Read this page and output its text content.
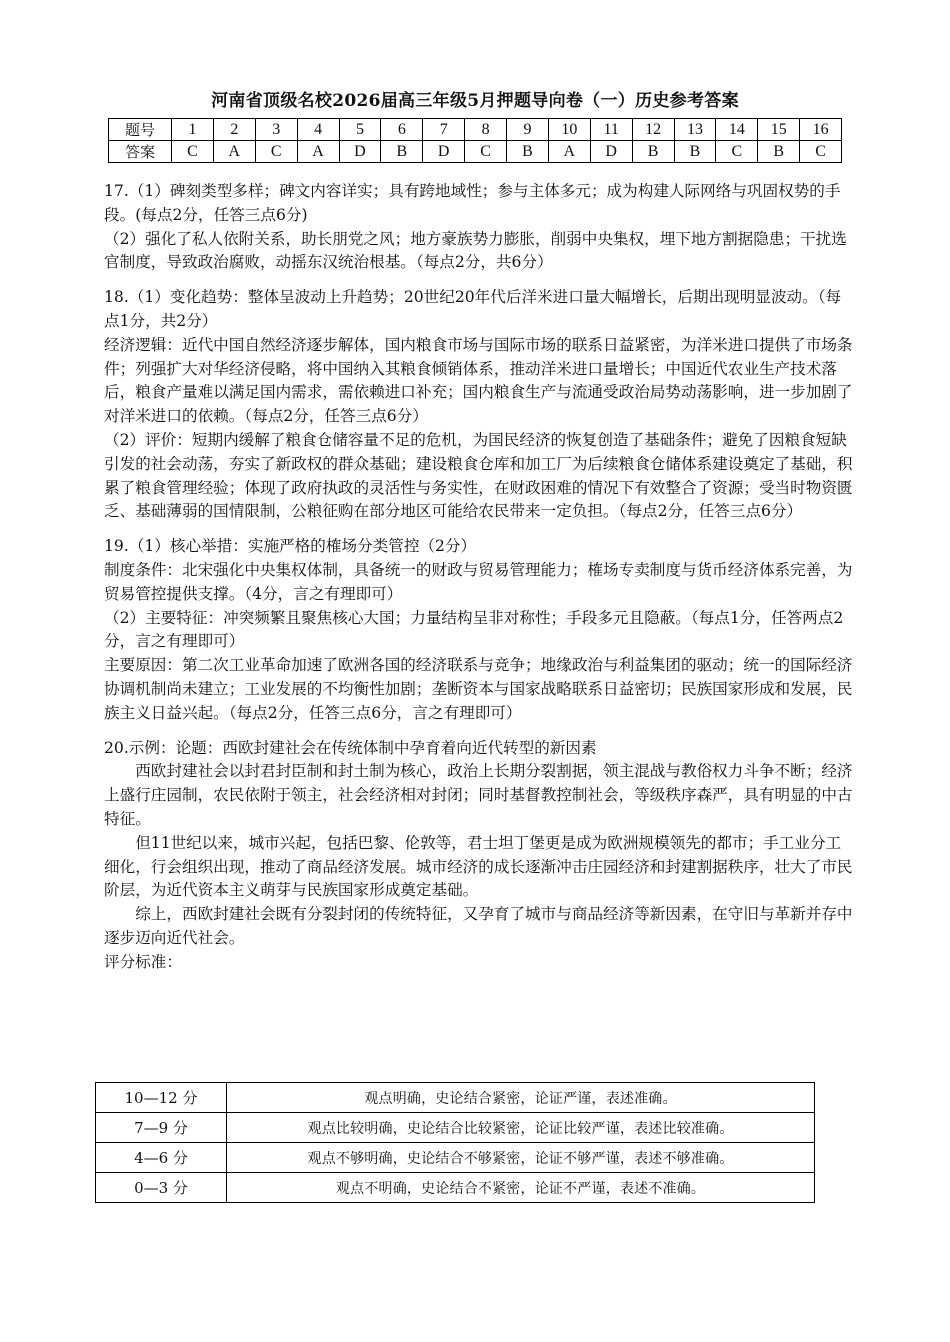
河南省顶级名校2026届高三年级5月押题导向卷（一）历史参考答案
题号	1	2	3	4	5	6	7	8	9	10	11	12	13	14	15	16
答案	C	A	C	A	D	B	D	C	B	A	D	B	B	C	B	C

17.（1）碑刻类型多样；碑文内容详实；具有跨地域性；参与主体多元；成为构建人际网络与巩固权势的手段。(每点2分，任答三点6分)

（2）强化了私人依附关系，助长朋党之风；地方豪族势力膨胀，削弱中央集权，埋下地方割据隐患；干扰选官制度，导致政治腐败，动摇东汉统治根基。（每点2分，共6分）

18.（1）变化趋势：整体呈波动上升趋势；20世纪20年代后洋米进口量大幅增长，后期出现明显波动。（每点1分，共2分）

经济逻辑：近代中国自然经济逐步解体，国内粮食市场与国际市场的联系日益紧密，为洋米进口提供了市场条件；列强扩大对华经济侵略，将中国纳入其粮食倾销体系，推动洋米进口量增长；中国近代农业生产技术落后，粮食产量难以满足国内需求，需依赖进口补充；国内粮食生产与流通受政治局势动荡影响，进一步加剧了对洋米进口的依赖。（每点2分，任答三点6分）

（2）评价：短期内缓解了粮食仓储容量不足的危机，为国民经济的恢复创造了基础条件；避免了因粮食短缺引发的社会动荡，夯实了新政权的群众基础；建设粮食仓库和加工厂为后续粮食仓储体系建设奠定了基础，积累了粮食管理经验；体现了政府执政的灵活性与务实性，在财政困难的情况下有效整合了资源；受当时物资匮乏、基础薄弱的国情限制，公粮征购在部分地区可能给农民带来一定负担。（每点2分，任答三点6分）

19.（1）核心举措：实施严格的榷场分类管控（2分）

制度条件：北宋强化中央集权体制，具备统一的财政与贸易管理能力；榷场专卖制度与货币经济体系完善，为贸易管控提供支撑。（4分，言之有理即可）

（2）主要特征：冲突频繁且聚焦核心大国；力量结构呈非对称性；手段多元且隐蔽。（每点1分，任答两点2分，言之有理即可）

主要原因：第二次工业革命加速了欧洲各国的经济联系与竞争；地缘政治与利益集团的驱动；统一的国际经济协调机制尚未建立；工业发展的不均衡性加剧；垄断资本与国家战略联系日益密切；民族国家形成和发展，民族主义日益兴起。（每点2分，任答三点6分，言之有理即可）

20.示例：论题：西欧封建社会在传统体制中孕育着向近代转型的新因素

西欧封建社会以封君封臣制和封土制为核心，政治上长期分裂割据，领主混战与教俗权力斗争不断；经济上盛行庄园制，农民依附于领主，社会经济相对封闭；同时基督教控制社会，等级秩序森严，具有明显的中古特征。

但11世纪以来，城市兴起，包括巴黎、伦敦等，君士坦丁堡更是成为欧洲规模领先的都市；手工业分工细化，行会组织出现，推动了商品经济发展。城市经济的成长逐渐冲击庄园经济和封建割据秩序，壮大了市民阶层，为近代资本主义萌芽与民族国家形成奠定基础。

综上，西欧封建社会既有分裂封闭的传统特征，又孕育了城市与商品经济等新因素，在守旧与革新并存中逐步迈向近代社会。

评分标准：

10—12 分	观点明确，史论结合紧密，论证严谨，表述准确。
7—9 分	观点比较明确，史论结合比较紧密，论证比较严谨，表述比较准确。
4—6 分	观点不够明确，史论结合不够紧密，论证不够严谨，表述不够准确。
0—3 分	观点不明确，史论结合不紧密，论证不严谨，表述不准确。
